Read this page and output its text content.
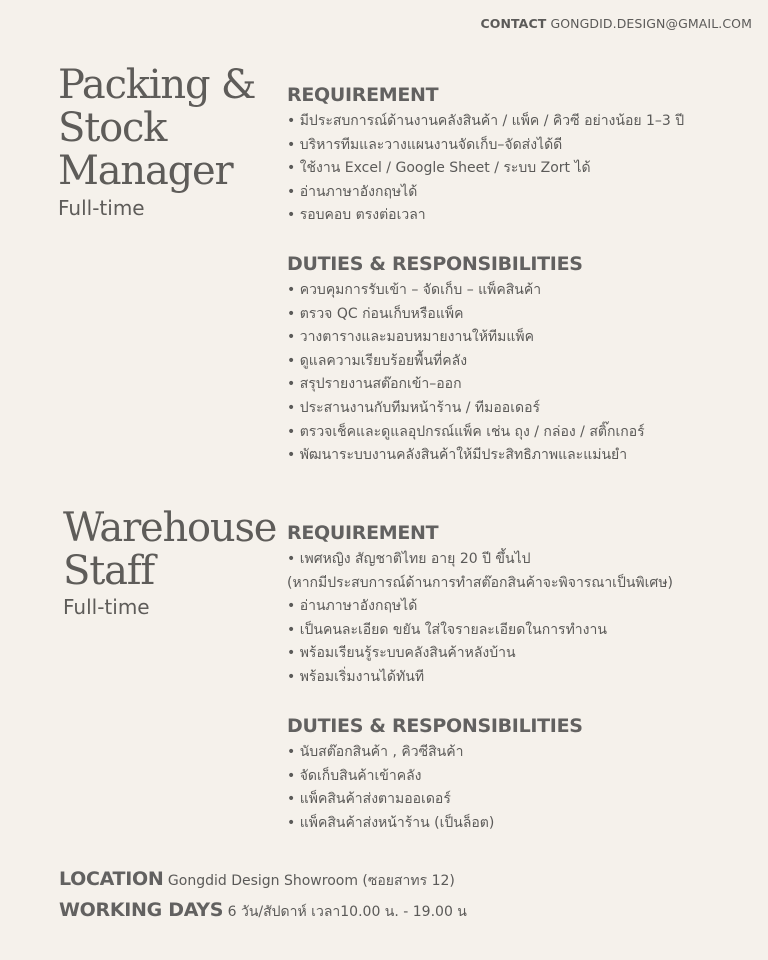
CONTACT GONGDID.DESIGN@GMAIL.COM
Packing &
Stock
Manager
Full-time
REQUIREMENT
• มีประสบการณ์ด้านงานคลังสินค้า / แพ็ค / คิวซี อย่างน้อย 1–3 ปี
• บริหารทีมและวางแผนงานจัดเก็บ–จัดส่งได้ดี
• ใช้งาน Excel / Google Sheet / ระบบ Zort ได้
• อ่านภาษาอังกฤษได้
• รอบคอบ ตรงต่อเวลา
DUTIES & RESPONSIBILITIES
• ควบคุมการรับเข้า – จัดเก็บ – แพ็คสินค้า
• ตรวจ QC ก่อนเก็บหรือแพ็ค
• วางตารางและมอบหมายงานให้ทีมแพ็ค
• ดูแลความเรียบร้อยพื้นที่คลัง
• สรุปรายงานสต๊อกเข้า–ออก
• ประสานงานกับทีมหน้าร้าน / ทีมออเดอร์
• ตรวจเช็คและดูแลอุปกรณ์แพ็ค เช่น ถุง / กล่อง / สติ๊กเกอร์
• พัฒนาระบบงานคลังสินค้าให้มีประสิทธิภาพและแม่นยำ
Warehouse
Staff
Full-time
REQUIREMENT
• เพศหญิง สัญชาติไทย อายุ 20 ปี ขึ้นไป
(หากมีประสบการณ์ด้านการทำสต๊อกสินค้าจะพิจารณาเป็นพิเศษ)
• อ่านภาษาอังกฤษได้
• เป็นคนละเอียด ขยัน ใส่ใจรายละเอียดในการทำงาน
• พร้อมเรียนรู้ระบบคลังสินค้าหลังบ้าน
• พร้อมเริ่มงานได้ทันที
DUTIES & RESPONSIBILITIES
• นับสต๊อกสินค้า , คิวซีสินค้า
• จัดเก็บสินค้าเข้าคลัง
• แพ็คสินค้าส่งตามออเดอร์
• แพ็คสินค้าส่งหน้าร้าน (เป็นล็อต)
LOCATION Gongdid Design Showroom (ซอยสาทร 12)
WORKING DAYS 6 วัน/สัปดาห์ เวลา10.00 น. - 19.00 น
